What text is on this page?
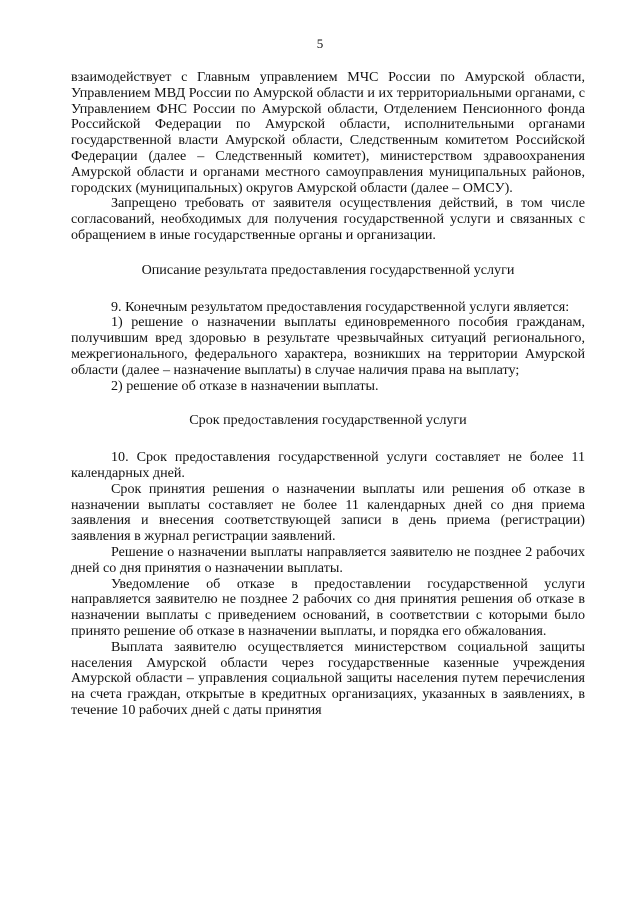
5

взаимодействует с Главным управлением МЧС России по Амурской области, Управлением МВД России по Амурской области и их территориальными органами, с Управлением ФНС России по Амурской области, Отделением Пенсионного фонда Российской Федерации по Амурской области, исполнительными органами государственной власти Амурской области, Следственным комитетом Российской Федерации (далее – Следственный комитет), министерством здравоохранения Амурской области и органами местного самоуправления муниципальных районов, городских (муниципальных) округов Амурской области (далее – ОМСУ).

Запрещено требовать от заявителя осуществления действий, в том числе согласований, необходимых для получения государственной услуги и связанных с обращением в иные государственные органы и организации.

Описание результата предоставления государственной услуги

9. Конечным результатом предоставления государственной услуги является:

1) решение о назначении выплаты единовременного пособия гражданам, получившим вред здоровью в результате чрезвычайных ситуаций регионального, межрегионального, федерального характера, возникших на территории Амурской области (далее – назначение выплаты) в случае наличия права на выплату;

2) решение об отказе в назначении выплаты.

Срок предоставления государственной услуги

10. Срок предоставления государственной услуги составляет не более 11 календарных дней.

Срок принятия решения о назначении выплаты или решения об отказе в назначении выплаты составляет не более 11 календарных дней со дня приема заявления и внесения соответствующей записи в день приема (регистрации) заявления в журнал регистрации заявлений.

Решение о назначении выплаты направляется заявителю не позднее 2 рабочих дней со дня принятия о назначении выплаты.

Уведомление об отказе в предоставлении государственной услуги направляется заявителю не позднее 2 рабочих со дня принятия решения об отказе в назначении выплаты с приведением оснований, в соответствии с которыми было принято решение об отказе в назначении выплаты, и порядка его обжалования.

Выплата заявителю осуществляется министерством социальной защиты населения Амурской области через государственные казенные учреждения Амурской области – управления социальной защиты населения путем перечисления на счета граждан, открытые в кредитных организациях, указанных в заявлениях, в течение 10 рабочих дней с даты принятия
